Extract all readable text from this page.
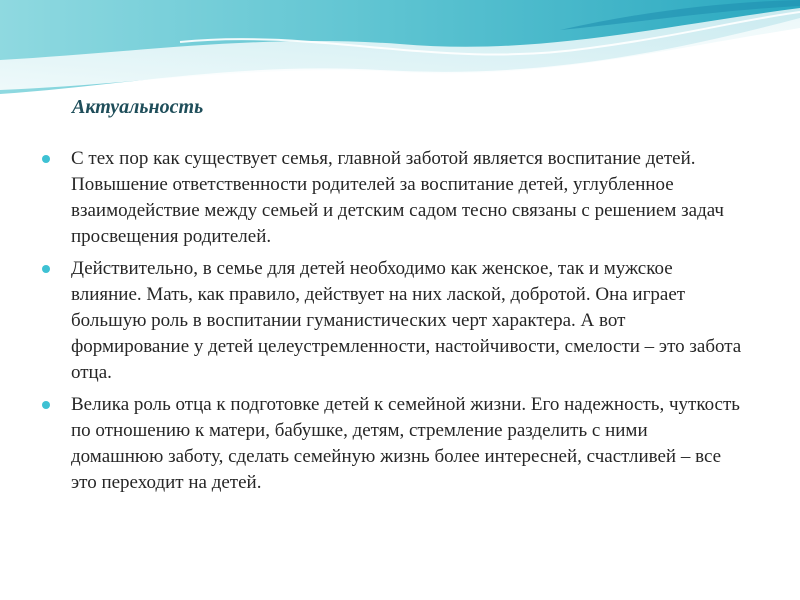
Актуальность
С тех пор как существует семья, главной заботой является воспитание детей. Повышение ответственности родителей за воспитание детей, углубленное взаимодействие между семьей и детским садом тесно связаны с решением задач просвещения родителей.
Действительно, в семье для детей необходимо как женское, так и мужское влияние. Мать, как правило, действует на них лаской, добротой. Она играет большую роль в воспитании гуманистических черт характера. А вот формирование у детей целеустремленности, настойчивости, смелости – это забота отца.
Велика роль отца к подготовке детей к семейной жизни. Его надежность, чуткость по отношению к матери, бабушке, детям, стремление разделить с ними домашнюю заботу, сделать семейную жизнь более интересней, счастливей – все это переходит на детей.
